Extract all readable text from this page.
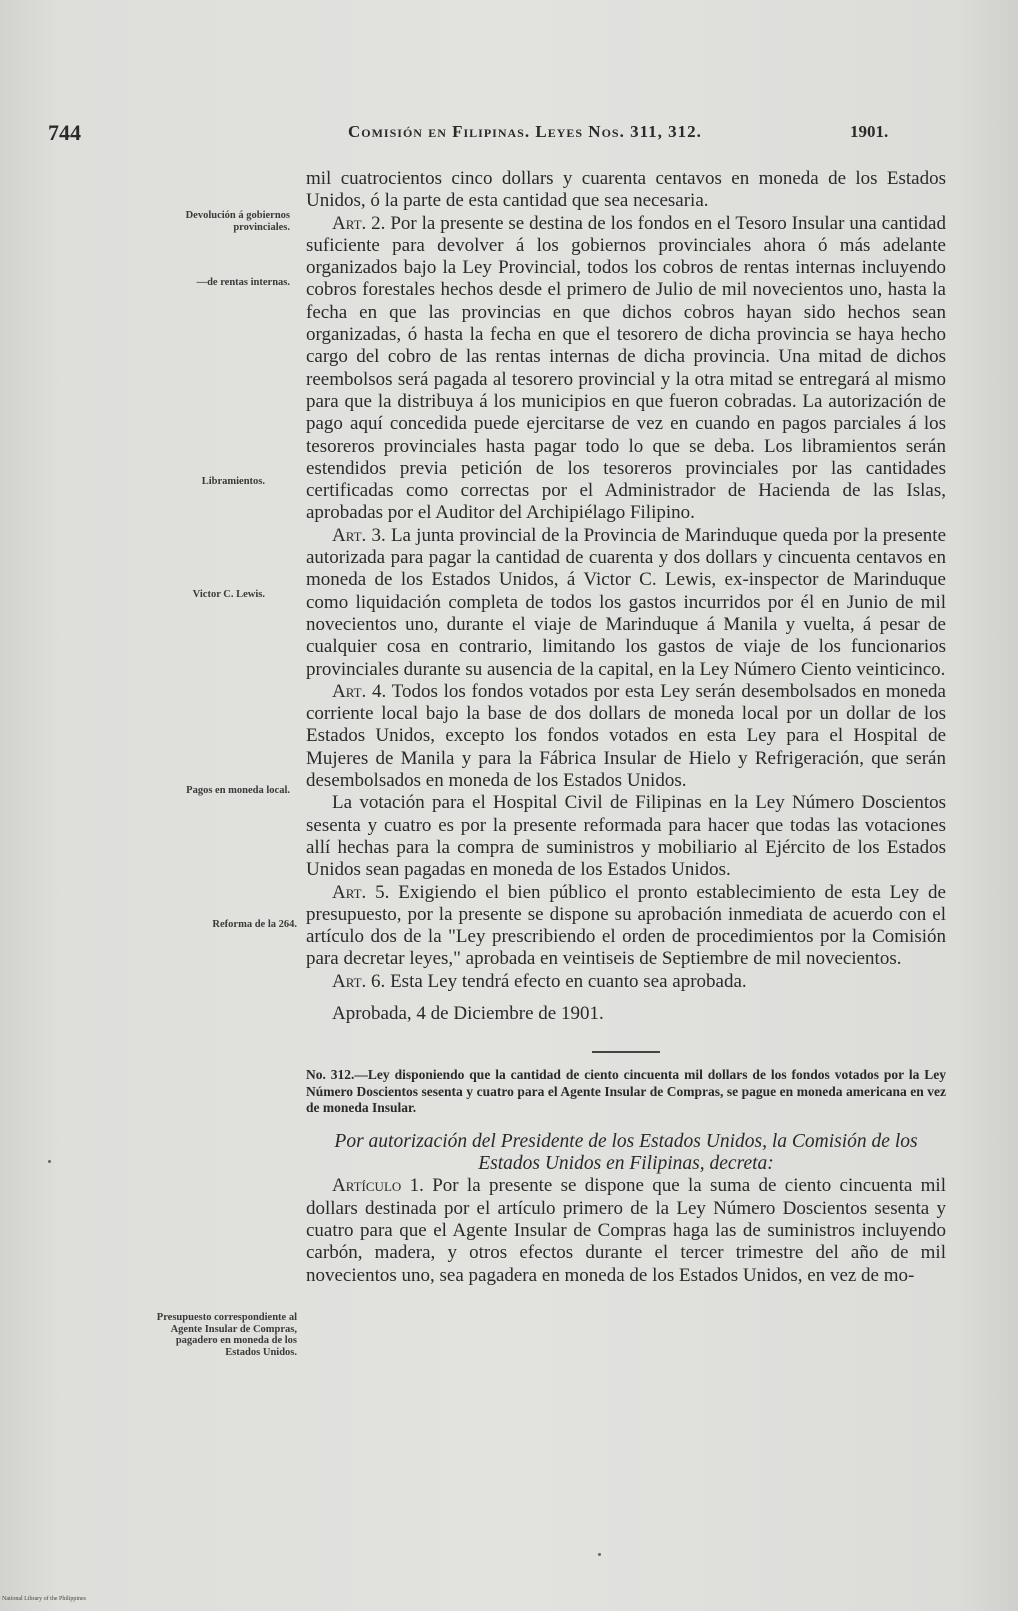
744	Comisión en Filipinas. Leyes Nos. 311, 312.	1901.
Devolución á gobiernos provinciales.
—de rentas internas.
Libramientos.
Victor C. Lewis.
Pagos en moneda local.
Reforma de la 264.
Presupuesto correspondiente al Agente Insular de Compras, pagadero en moneda de los Estados Unidos.

mil cuatrocientos cinco dollars y cuarenta centavos en moneda de los Estados Unidos, ó la parte de esta cantidad que sea necesaria.

Art. 2. Por la presente se destina de los fondos en el Tesoro Insular una cantidad suficiente para devolver á los gobiernos provinciales ahora ó más adelante organizados bajo la Ley Provincial, todos los cobros de rentas internas incluyendo cobros forestales hechos desde el primero de Julio de mil novecientos uno, hasta la fecha en que las provincias en que dichos cobros hayan sido hechos sean organizadas, ó hasta la fecha en que el tesorero de dicha provincia se haya hecho cargo del cobro de las rentas internas de dicha provincia. Una mitad de dichos reembolsos será pagada al tesorero provincial y la otra mitad se entregará al mismo para que la distribuya á los municipios en que fueron cobradas. La autorización de pago aquí concedida puede ejercitarse de vez en cuando en pagos parciales á los tesoreros provinciales hasta pagar todo lo que se deba. Los libramientos serán estendidos previa petición de los tesoreros provinciales por las cantidades certificadas como correctas por el Administrador de Hacienda de las Islas, aprobadas por el Auditor del Archipiélago Filipino.

Art. 3. La junta provincial de la Provincia de Marinduque queda por la presente autorizada para pagar la cantidad de cuarenta y dos dollars y cincuenta centavos en moneda de los Estados Unidos, á Victor C. Lewis, ex-inspector de Marinduque como liquidación completa de todos los gastos incurridos por él en Junio de mil novecientos uno, durante el viaje de Marinduque á Manila y vuelta, á pesar de cualquier cosa en contrario, limitando los gastos de viaje de los funcionarios provinciales durante su ausencia de la capital, en la Ley Número Ciento veinticinco.

Art. 4. Todos los fondos votados por esta Ley serán desembolsados en moneda corriente local bajo la base de dos dollars de moneda local por un dollar de los Estados Unidos, excepto los fondos votados en esta Ley para el Hospital de Mujeres de Manila y para la Fábrica Insular de Hielo y Refrigeración, que serán desembolsados en moneda de los Estados Unidos.

La votación para el Hospital Civil de Filipinas en la Ley Número Doscientos sesenta y cuatro es por la presente reformada para hacer que todas las votaciones allí hechas para la compra de suministros y mobiliario al Ejército de los Estados Unidos sean pagadas en moneda de los Estados Unidos.

Art. 5. Exigiendo el bien público el pronto establecimiento de esta Ley de presupuesto, por la presente se dispone su aprobación inmediata de acuerdo con el artículo dos de la "Ley prescribiendo el orden de procedimientos por la Comisión para decretar leyes," aprobada en veintiseis de Septiembre de mil novecientos.

Art. 6. Esta Ley tendrá efecto en cuanto sea aprobada.

Aprobada, 4 de Diciembre de 1901.

No. 312.—Ley disponiendo que la cantidad de ciento cincuenta mil dollars de los fondos votados por la Ley Número Doscientos sesenta y cuatro para el Agente Insular de Compras, se pague en moneda americana en vez de moneda Insular.

Por autorización del Presidente de los Estados Unidos, la Comisión de los Estados Unidos en Filipinas, decreta:

Artículo 1. Por la presente se dispone que la suma de ciento cincuenta mil dollars destinada por el artículo primero de la Ley Número Doscientos sesenta y cuatro para que el Agente Insular de Compras haga las de suministros incluyendo carbón, madera, y otros efectos durante el tercer trimestre del año de mil novecientos uno, sea pagadera en moneda de los Estados Unidos, en vez de mo-

National Library of the Philippines
